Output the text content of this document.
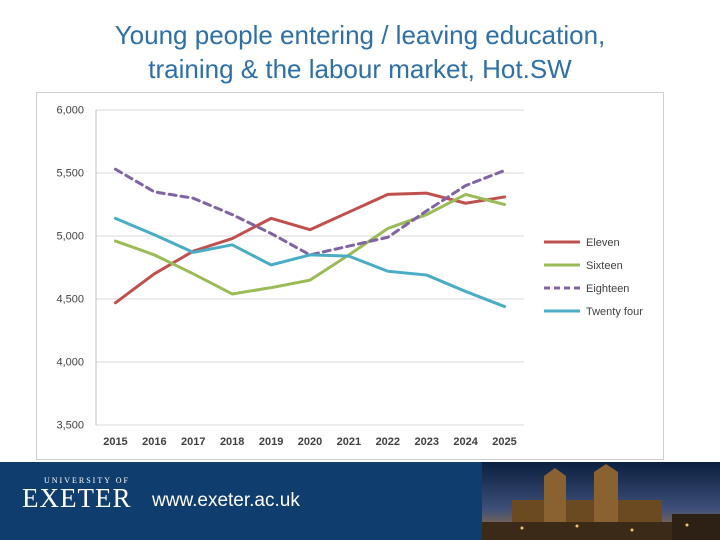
Young people entering / leaving education,
training & the labour market, Hot.SW
3,500
4,000
4,500
5,000
5,500
6,000
2015 2016 2017 2018 2019 2020 2021 2022 2023 2024 2025
Eleven
Sixteen
Eighteen
Twenty four
UNIVERSITY OF
EXETER www.exeter.ac.uk
